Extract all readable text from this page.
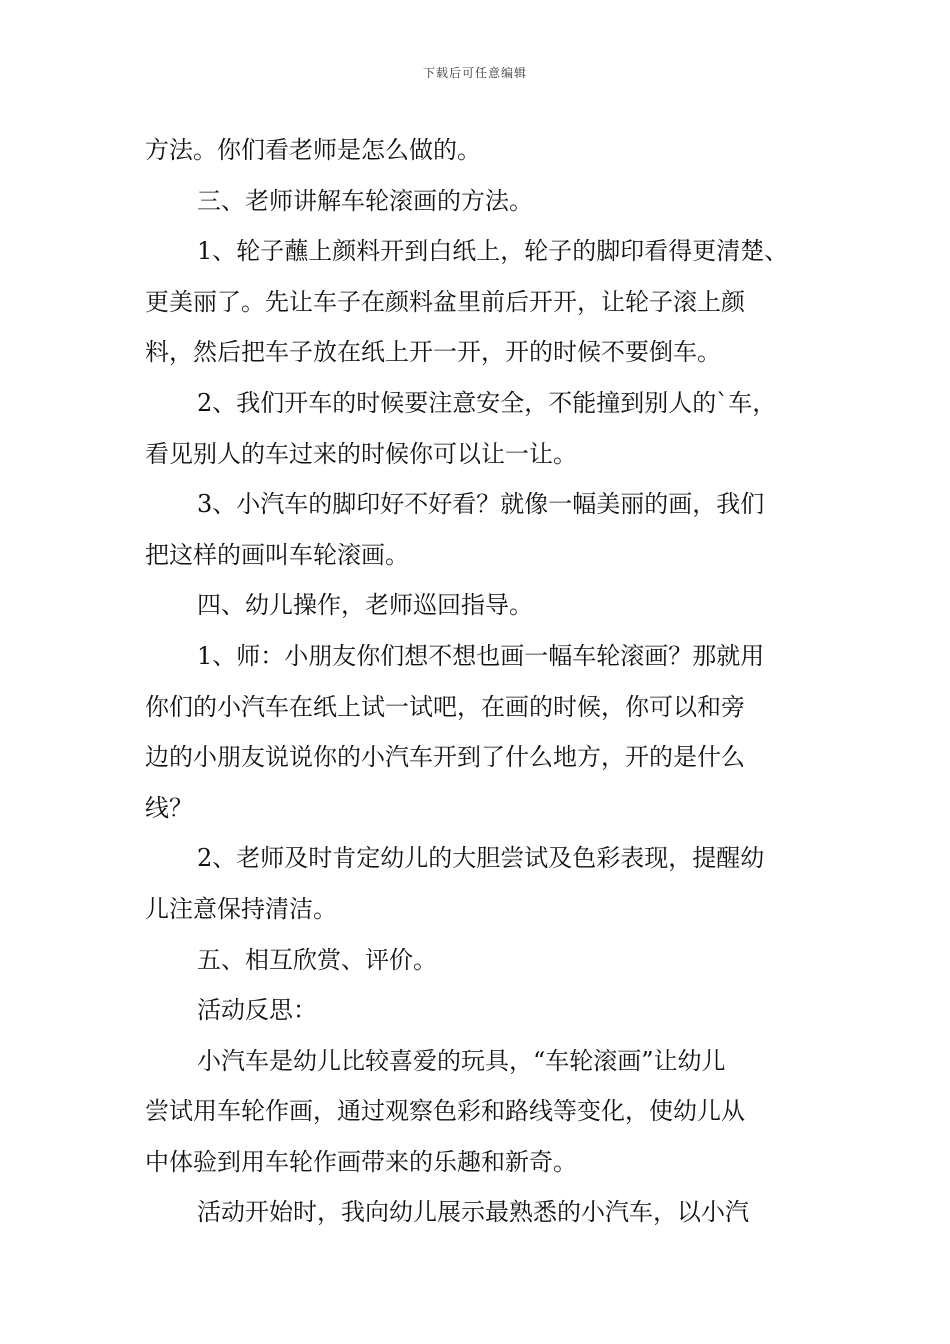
下载后可任意编辑
方法。你们看老师是怎么做的。
三、老师讲解车轮滚画的方法。
1、轮子蘸上颜料开到白纸上，轮子的脚印看得更清楚、
更美丽了。先让车子在颜料盆里前后开开，让轮子滚上颜
料，然后把车子放在纸上开一开，开的时候不要倒车。
2、我们开车的时候要注意安全，不能撞到别人的`车，
看见别人的车过来的时候你可以让一让。
3、小汽车的脚印好不好看？就像一幅美丽的画，我们
把这样的画叫车轮滚画。
四、幼儿操作，老师巡回指导。
1、师：小朋友你们想不想也画一幅车轮滚画？那就用
你们的小汽车在纸上试一试吧，在画的时候，你可以和旁
边的小朋友说说你的小汽车开到了什么地方，开的是什么
线？
2、老师及时肯定幼儿的大胆尝试及色彩表现，提醒幼
儿注意保持清洁。
五、相互欣赏、评价。
活动反思：
小汽车是幼儿比较喜爱的玩具，“车轮滚画”让幼儿
尝试用车轮作画，通过观察色彩和路线等变化，使幼儿从
中体验到用车轮作画带来的乐趣和新奇。
活动开始时，我向幼儿展示最熟悉的小汽车，以小汽
